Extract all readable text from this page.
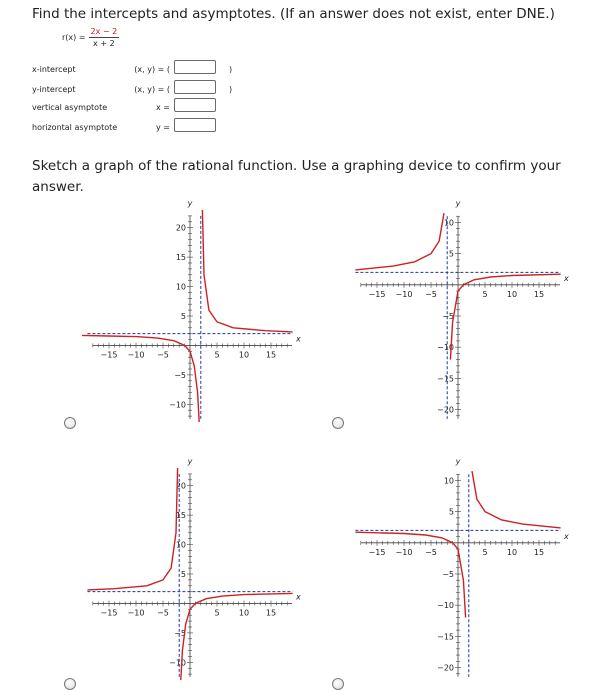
Find the intercepts and asymptotes. (If an answer does not exist, enter DNE.)
$r(x) = \frac{2x - 2}{x + 2}$
x-intercept	(x, y) = (	)
y-intercept	(x, y) = (	)
vertical asymptote	x =
horizontal asymptote	y =
Sketch a graph of the rational function. Use a graphing device to confirm your answer.
−15 −10 −5	5 10 15
20
15
10
5
−5
−10
x
y
−15 −10 −5	5 10 15
10
5
−5
−10
−15
−20
x
y
−15 −10 −5	5 10 15
20
15
10
5
−5
−10
x
y
−15 −10 −5	5 10 15
10
5
−5
−10
−15
−20
x
y
